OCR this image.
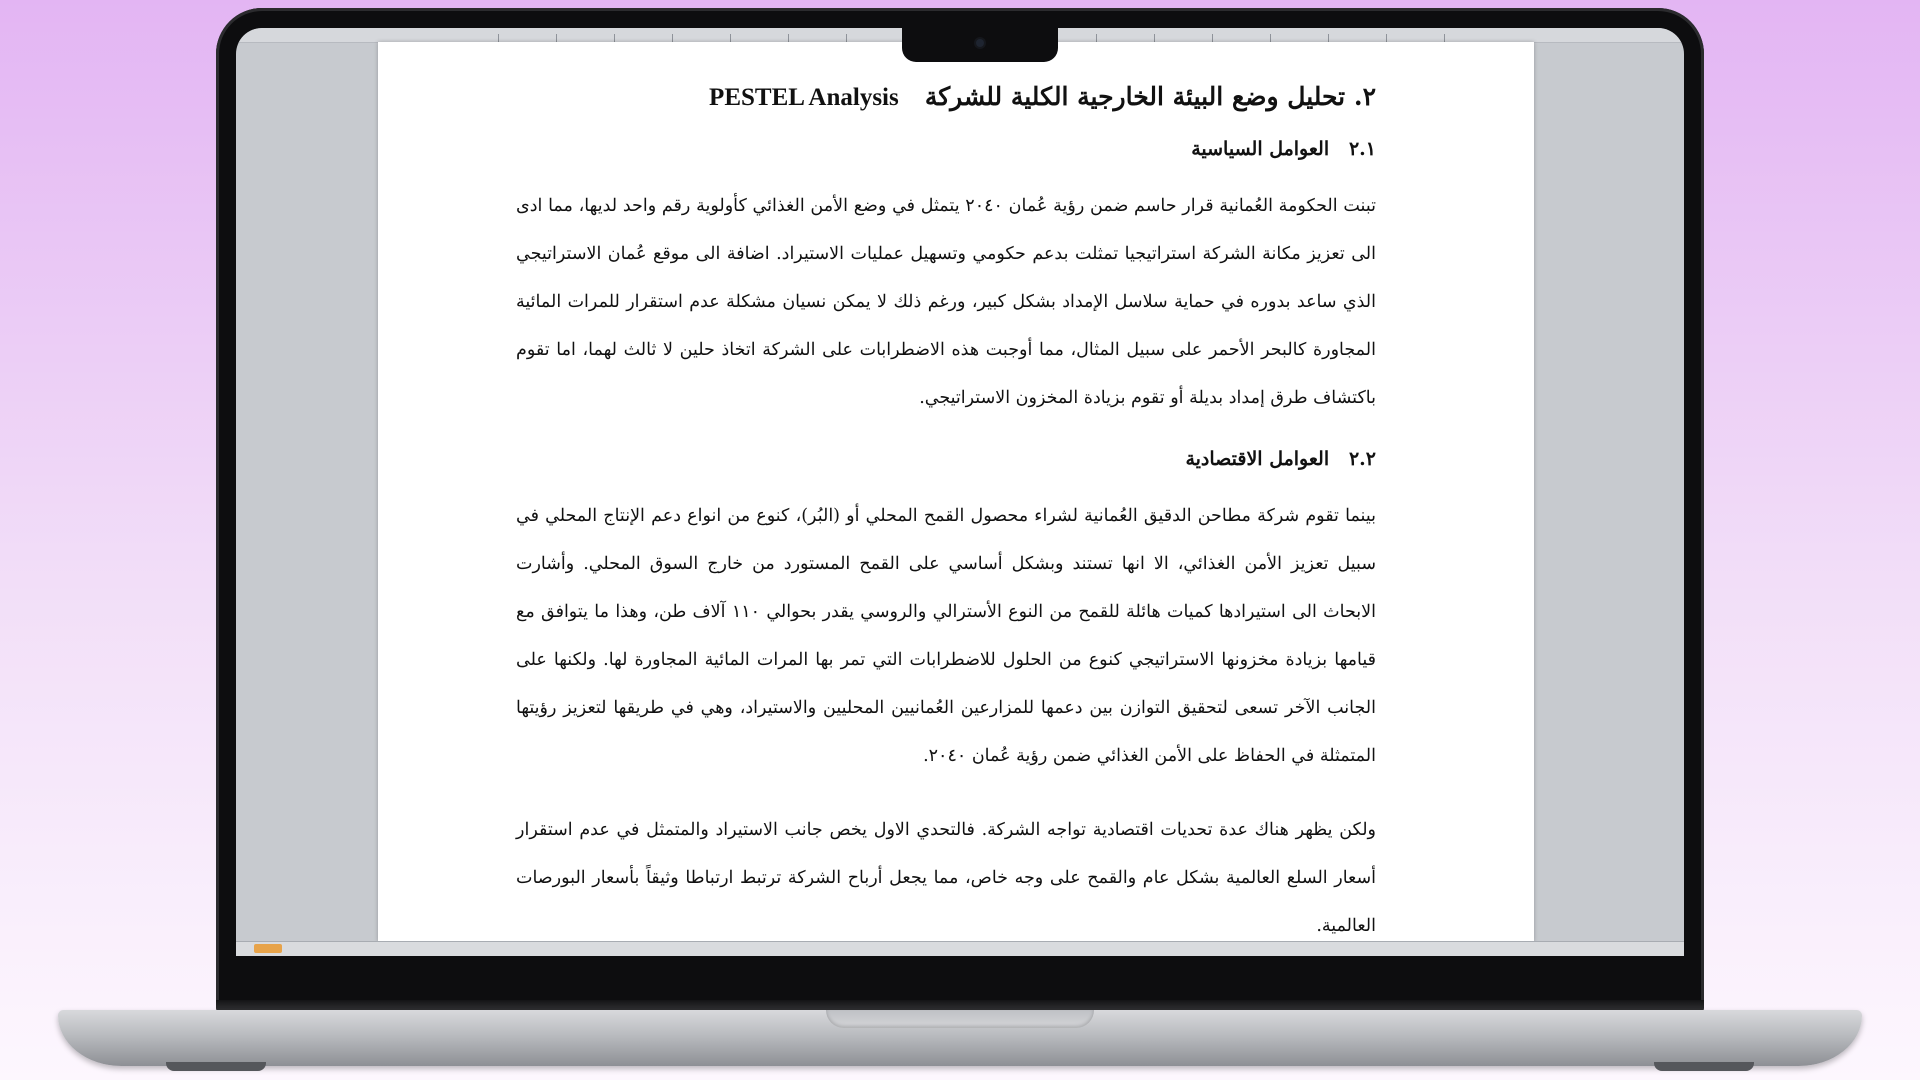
٢. تحليل وضع البيئة الخارجية الكلية للشركة   PESTEL Analysis
٢.١   العوامل السياسية
تبنت الحكومة العُمانية قرار حاسم ضمن رؤية عُمان ٢٠٤٠ يتمثل في وضع الأمن الغذائي كأولوية رقم واحد لديها، مما ادى الى تعزيز مكانة الشركة استراتيجيا تمثلت بدعم حكومي وتسهيل عمليات الاستيراد. اضافة الى موقع عُمان الاستراتيجي الذي ساعد بدوره في حماية سلاسل الإمداد بشكل كبير، ورغم ذلك لا يمكن نسيان مشكلة عدم استقرار للمرات المائية المجاورة كالبحر الأحمر على سبيل المثال، مما أوجبت هذه الاضطرابات على الشركة اتخاذ حلين لا ثالث لهما، اما تقوم باكتشاف طرق إمداد بديلة أو تقوم بزيادة المخزون الاستراتيجي.
٢.٢   العوامل الاقتصادية
بينما تقوم شركة مطاحن الدقيق العُمانية لشراء محصول القمح المحلي أو (البُر)، كنوع من انواع دعم الإنتاج المحلي في سبيل تعزيز الأمن الغذائي، الا انها تستند وبشكل أساسي على القمح المستورد من خارج السوق المحلي. وأشارت الابحاث الى استيرادها كميات هائلة للقمح من النوع الأسترالي والروسي يقدر بحوالي ١١٠ آلاف طن، وهذا ما يتوافق مع قيامها بزيادة مخزونها الاستراتيجي كنوع من الحلول للاضطرابات التي تمر بها المرات المائية المجاورة لها. ولكنها على الجانب الآخر تسعى لتحقيق التوازن بين دعمها للمزارعين العُمانيين المحليين والاستيراد، وهي في طريقها لتعزيز رؤيتها المتمثلة في الحفاظ على الأمن الغذائي ضمن رؤية عُمان ٢٠٤٠.
ولكن يظهر هناك عدة تحديات اقتصادية تواجه الشركة. فالتحدي الاول يخص جانب الاستيراد والمتمثل في عدم استقرار أسعار السلع العالمية بشكل عام والقمح على وجه خاص، مما يجعل أرباح الشركة ترتبط ارتباطا وثيقاً بأسعار البورصات العالمية.
